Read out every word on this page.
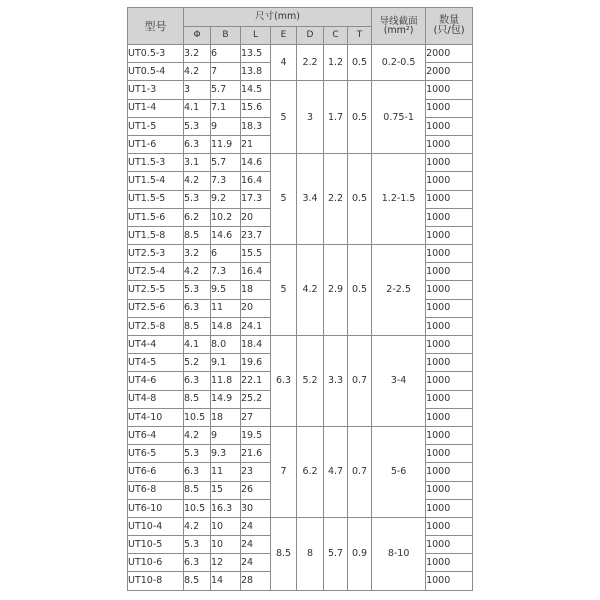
型号	尺寸(mm)							导线截面
(mm²)	数量
(只/包)
	Φ	B	L	E	D	C	T		
UT0.5-3	3.2	6	13.5	4	2.2	1.2	0.5	0.2-0.5	2000
UT0.5-4	4.2	7	13.8						2000
UT1-3	3	5.7	14.5	5	3	1.7	0.5	0.75-1	1000
UT1-4	4.1	7.1	15.6						1000
UT1-5	5.3	9	18.3						1000
UT1-6	6.3	11.9	21						1000
UT1.5-3	3.1	5.7	14.6	5	3.4	2.2	0.5	1.2-1.5	1000
UT1.5-4	4.2	7.3	16.4						1000
UT1.5-5	5.3	9.2	17.3						1000
UT1.5-6	6.2	10.2	20						1000
UT1.5-8	8.5	14.6	23.7						1000
UT2.5-3	3.2	6	15.5	5	4.2	2.9	0.5	2-2.5	1000
UT2.5-4	4.2	7.3	16.4						1000
UT2.5-5	5.3	9.5	18						1000
UT2.5-6	6.3	11	20						1000
UT2.5-8	8.5	14.8	24.1						1000
UT4-4	4.1	8.0	18.4	6.3	5.2	3.3	0.7	3-4	1000
UT4-5	5.2	9.1	19.6						1000
UT4-6	6.3	11.8	22.1						1000
UT4-8	8.5	14.9	25.2						1000
UT4-10	10.5	18	27						1000
UT6-4	4.2	9	19.5	7	6.2	4.7	0.7	5-6	1000
UT6-5	5.3	9.3	21.6						1000
UT6-6	6.3	11	23						1000
UT6-8	8.5	15	26						1000
UT6-10	10.5	16.3	30						1000
UT10-4	4.2	10	24	8.5	8	5.7	0.9	8-10	1000
UT10-5	5.3	10	24						1000
UT10-6	6.3	12	24						1000
UT10-8	8.5	14	28						1000
